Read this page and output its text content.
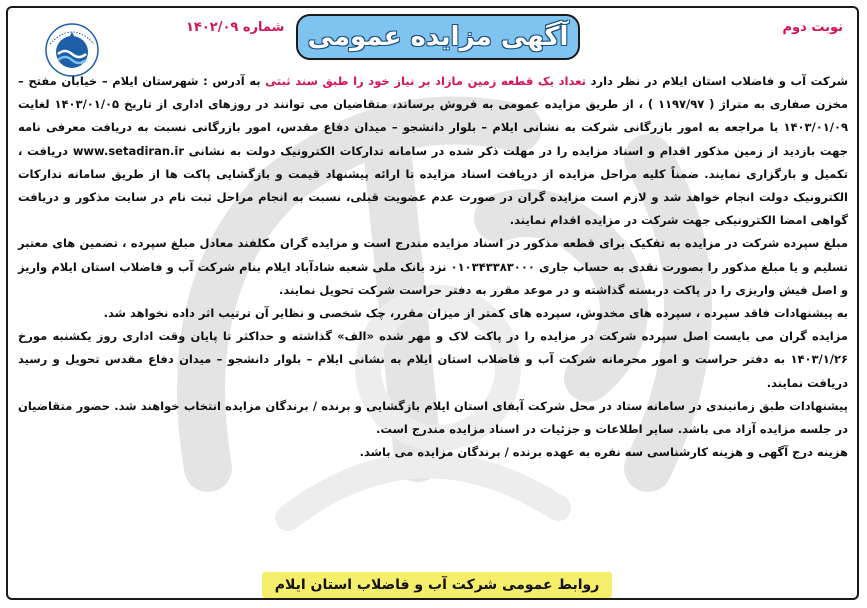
نوبت دوم
آگهی مزایده عمومی
شماره ۱۴۰۲/۰۹

شرکت آب و فاضلاب استان ایلام در نظر دارد تعداد یک قطعه زمین مازاد بر نیاز خود را طبق سند ثبتی به آدرس : شهرستان ایلام – خیابان مفتح – مخزن صفاری به متراژ ( ۱۱۹۷/۹۷ ) ، از طریق مزایده عمومی به فروش برساند، متقاضیان می توانند در روزهای اداری از تاریخ ۱۴۰۳/۰۱/۰۵ لغایت ۱۴۰۳/۰۱/۰۹ با مراجعه به امور بازرگانی شرکت به نشانی ایلام – بلوار دانشجو – میدان دفاع مقدس، امور بازرگانی نسبت به دریافت معرفی نامه جهت بازدید از زمین مذکور اقدام و اسناد مزایده را در مهلت ذکر شده در سامانه تدارکات الکترونیک دولت به نشانی www.setadiran.ir دریافت ، تکمیل و بارگزاری نمایند. ضمناً کلیه مراحل مزایده از دریافت اسناد مزایده تا ارائه پیشنهاد قیمت و بازگشایی پاکت ها از طریق سامانه تدارکات الکترونیک دولت انجام خواهد شد و لازم است مزایده گران در صورت عدم عضویت قبلی، نسبت به انجام مراحل ثبت نام در سایت مذکور و دریافت گواهی امضا الکترونیکی جهت شرکت در مزایده اقدام نمایند.

مبلغ سپرده شرکت در مزایده به تفکیک برای قطعه مذکور در اسناد مزایده مندرج است و مزایده گران مکلفند معادل مبلغ سپرده ، تضمین های معتبر تسلیم و یا مبلغ مذکور را بصورت نقدی به حساب جاری ۰۱۰۳۴۳۳۸۳۰۰۰ نزد بانک ملی شعبه شادآباد ایلام بنام شرکت آب و فاضلاب استان ایلام واریز و اصل فیش واریزی را در پاکت دربسته گذاشته و در موعد مقرر به دفتر حراست شرکت تحویل نمایند.

به پیشنهادات فاقد سپرده ، سپرده های مخدوش، سپرده های کمتر از میزان مقرر، چک شخصی و نظایر آن ترتیب اثر داده نخواهد شد.

مزایده گران می بایست اصل سپرده شرکت در مزایده را در پاکت لاک و مهر شده «الف» گذاشته و حداکثر تا پایان وقت اداری روز یکشنبه مورخ ۱۴۰۳/۱/۲۶ به دفتر حراست و امور محرمانه شرکت آب و فاضلاب استان ایلام به نشانی ایلام – بلوار دانشجو – میدان دفاع مقدس تحویل و رسید دریافت نمایند.

پیشنهادات طبق زمانبندی در سامانه ستاد در محل شرکت آبفای استان ایلام بازگشایی و برنده / برندگان مزایده انتخاب خواهند شد. حضور متقاضیان در جلسه مزایده آزاد می باشد. سایر اطلاعات و جزئیات در اسناد مزایده مندرج است.

هزینه درج آگهی و هزینه کارشناسی سه نفره به عهده برنده / برندگان مزایده می باشد.

روابط عمومی شرکت آب و فاضلاب استان ایلام
